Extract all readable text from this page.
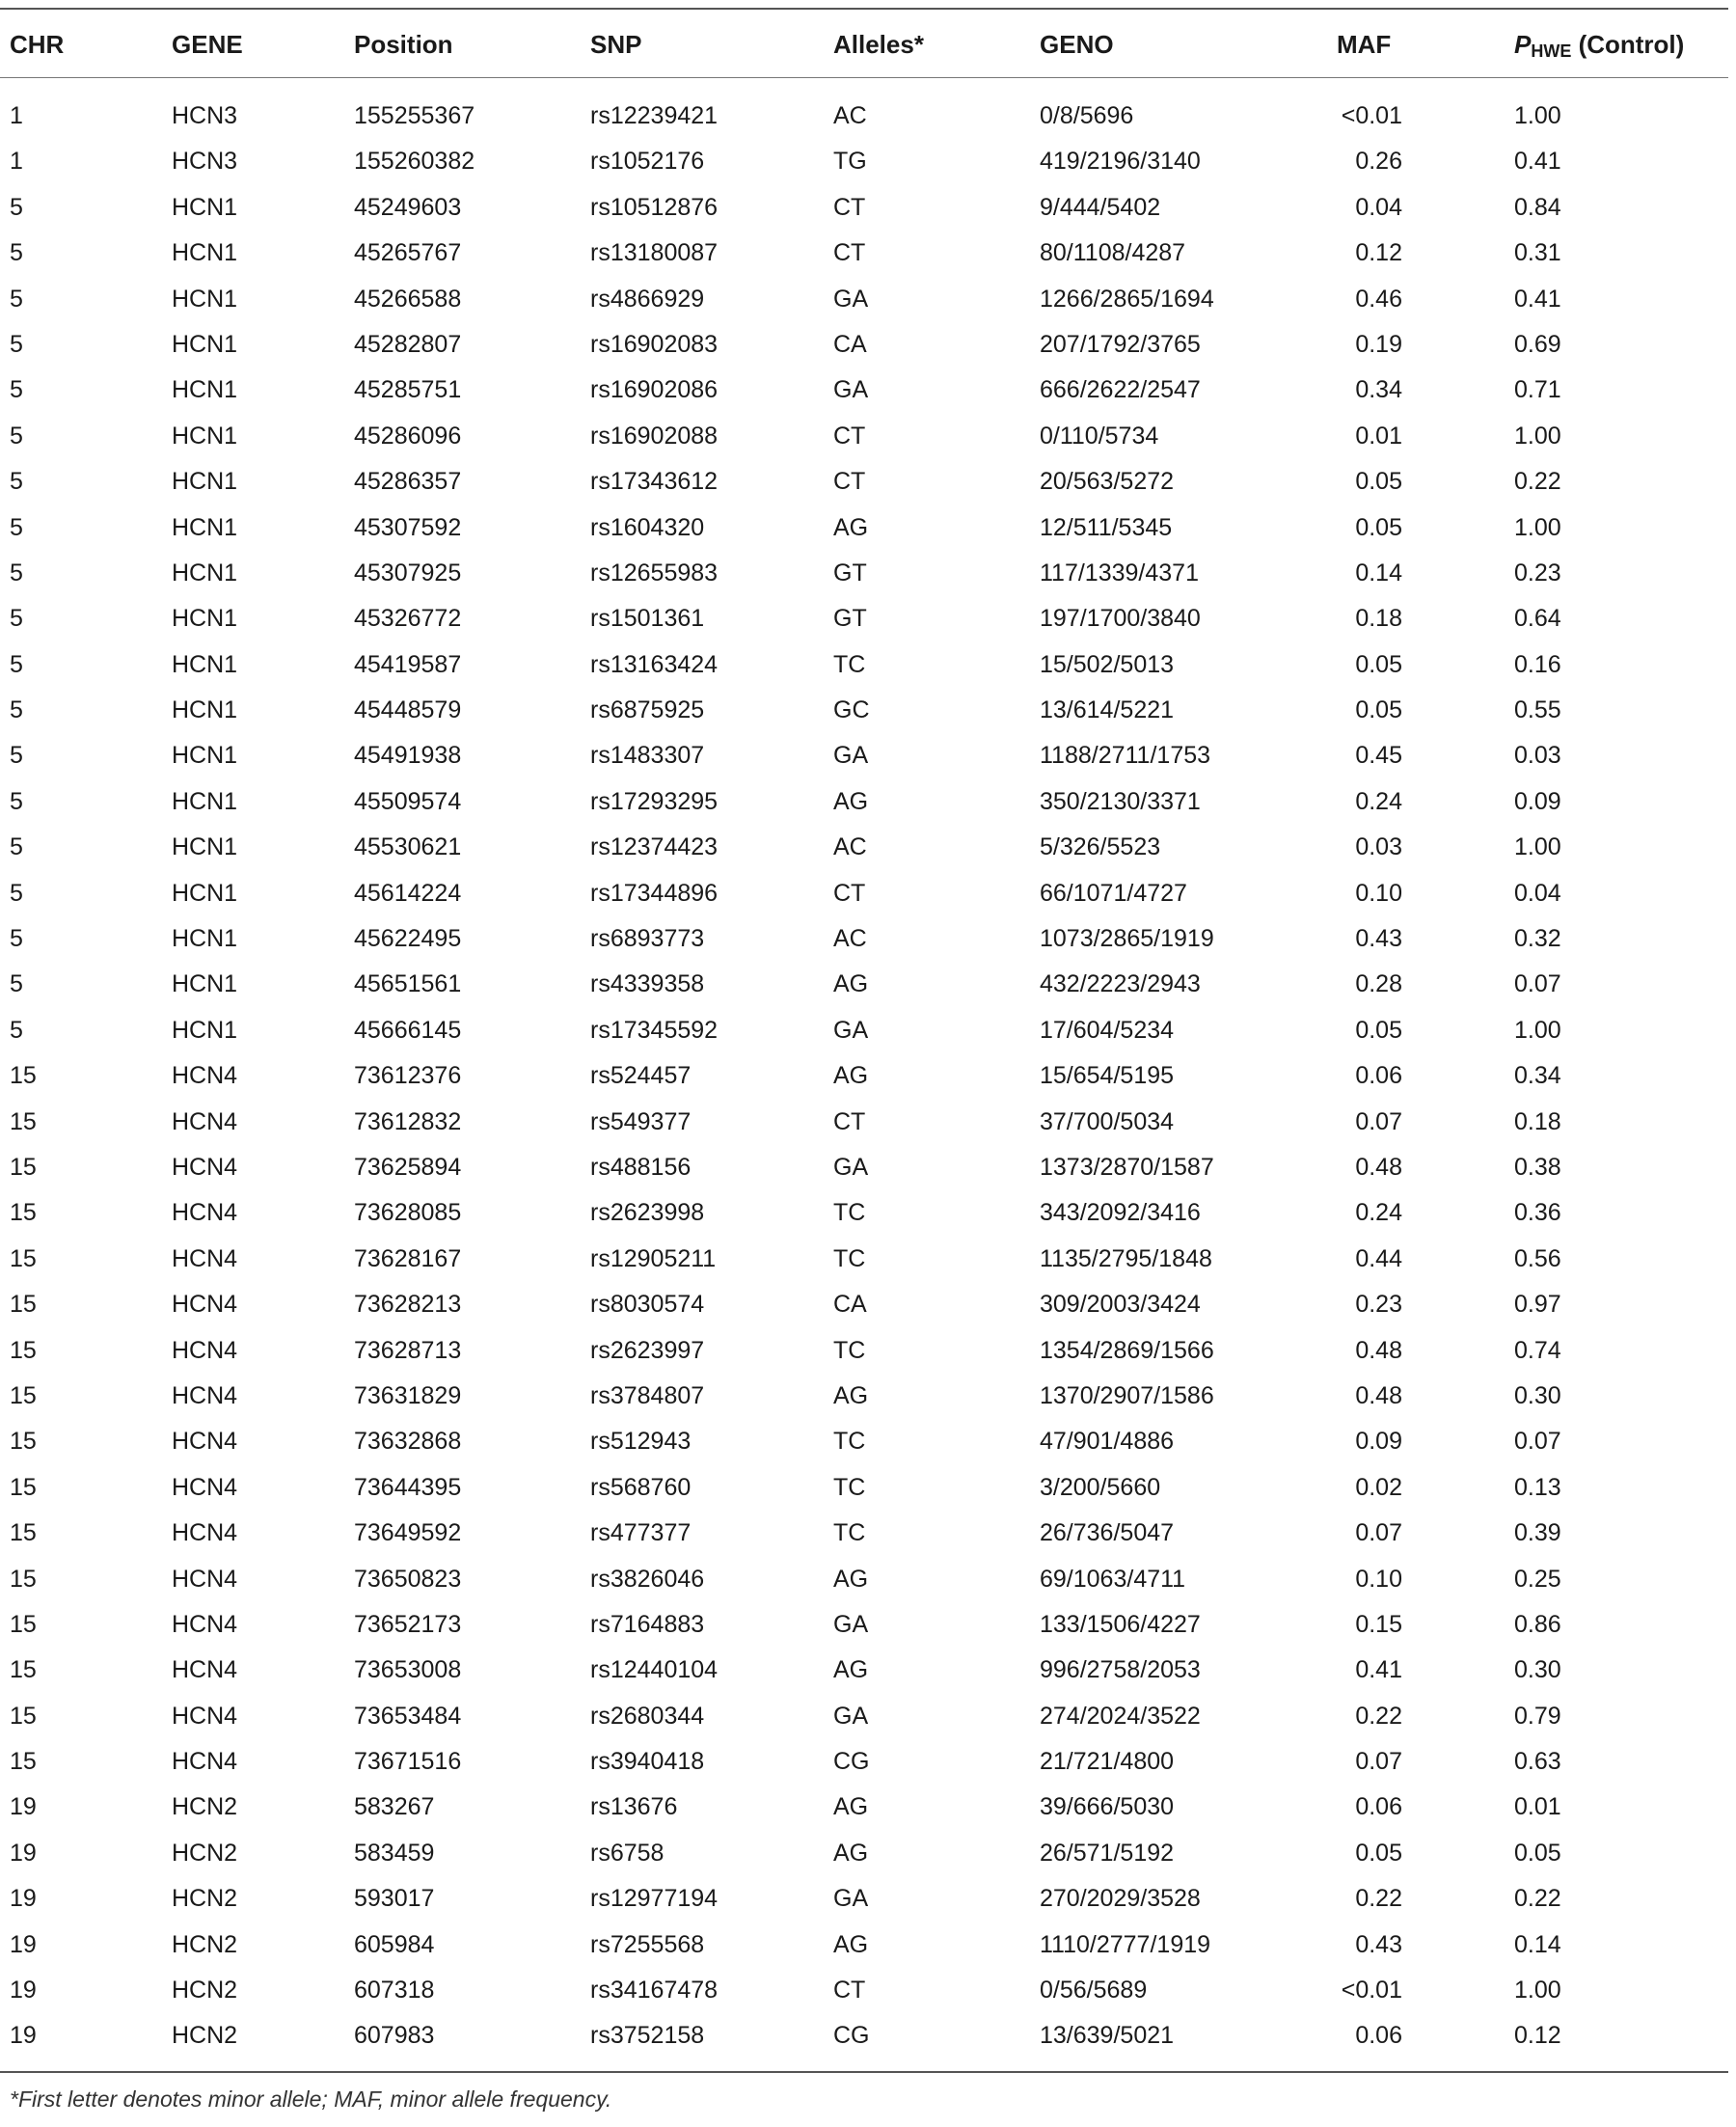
CHR	GENE	Position	SNP	Alleles*	GENO	MAF	PHWE (Control)
1	HCN3	155255367	rs12239421	AC	0/8/5696	<0.01	1.00
1	HCN3	155260382	rs1052176	TG	419/2196/3140	0.26	0.41
5	HCN1	45249603	rs10512876	CT	9/444/5402	0.04	0.84
5	HCN1	45265767	rs13180087	CT	80/1108/4287	0.12	0.31
5	HCN1	45266588	rs4866929	GA	1266/2865/1694	0.46	0.41
5	HCN1	45282807	rs16902083	CA	207/1792/3765	0.19	0.69
5	HCN1	45285751	rs16902086	GA	666/2622/2547	0.34	0.71
5	HCN1	45286096	rs16902088	CT	0/110/5734	0.01	1.00
5	HCN1	45286357	rs17343612	CT	20/563/5272	0.05	0.22
5	HCN1	45307592	rs1604320	AG	12/511/5345	0.05	1.00
5	HCN1	45307925	rs12655983	GT	117/1339/4371	0.14	0.23
5	HCN1	45326772	rs1501361	GT	197/1700/3840	0.18	0.64
5	HCN1	45419587	rs13163424	TC	15/502/5013	0.05	0.16
5	HCN1	45448579	rs6875925	GC	13/614/5221	0.05	0.55
5	HCN1	45491938	rs1483307	GA	1188/2711/1753	0.45	0.03
5	HCN1	45509574	rs17293295	AG	350/2130/3371	0.24	0.09
5	HCN1	45530621	rs12374423	AC	5/326/5523	0.03	1.00
5	HCN1	45614224	rs17344896	CT	66/1071/4727	0.10	0.04
5	HCN1	45622495	rs6893773	AC	1073/2865/1919	0.43	0.32
5	HCN1	45651561	rs4339358	AG	432/2223/2943	0.28	0.07
5	HCN1	45666145	rs17345592	GA	17/604/5234	0.05	1.00
15	HCN4	73612376	rs524457	AG	15/654/5195	0.06	0.34
15	HCN4	73612832	rs549377	CT	37/700/5034	0.07	0.18
15	HCN4	73625894	rs488156	GA	1373/2870/1587	0.48	0.38
15	HCN4	73628085	rs2623998	TC	343/2092/3416	0.24	0.36
15	HCN4	73628167	rs12905211	TC	1135/2795/1848	0.44	0.56
15	HCN4	73628213	rs8030574	CA	309/2003/3424	0.23	0.97
15	HCN4	73628713	rs2623997	TC	1354/2869/1566	0.48	0.74
15	HCN4	73631829	rs3784807	AG	1370/2907/1586	0.48	0.30
15	HCN4	73632868	rs512943	TC	47/901/4886	0.09	0.07
15	HCN4	73644395	rs568760	TC	3/200/5660	0.02	0.13
15	HCN4	73649592	rs477377	TC	26/736/5047	0.07	0.39
15	HCN4	73650823	rs3826046	AG	69/1063/4711	0.10	0.25
15	HCN4	73652173	rs7164883	GA	133/1506/4227	0.15	0.86
15	HCN4	73653008	rs12440104	AG	996/2758/2053	0.41	0.30
15	HCN4	73653484	rs2680344	GA	274/2024/3522	0.22	0.79
15	HCN4	73671516	rs3940418	CG	21/721/4800	0.07	0.63
19	HCN2	583267	rs13676	AG	39/666/5030	0.06	0.01
19	HCN2	583459	rs6758	AG	26/571/5192	0.05	0.05
19	HCN2	593017	rs12977194	GA	270/2029/3528	0.22	0.22
19	HCN2	605984	rs7255568	AG	1110/2777/1919	0.43	0.14
19	HCN2	607318	rs34167478	CT	0/56/5689	<0.01	1.00
19	HCN2	607983	rs3752158	CG	13/639/5021	0.06	0.12
*First letter denotes minor allele; MAF, minor allele frequency.
